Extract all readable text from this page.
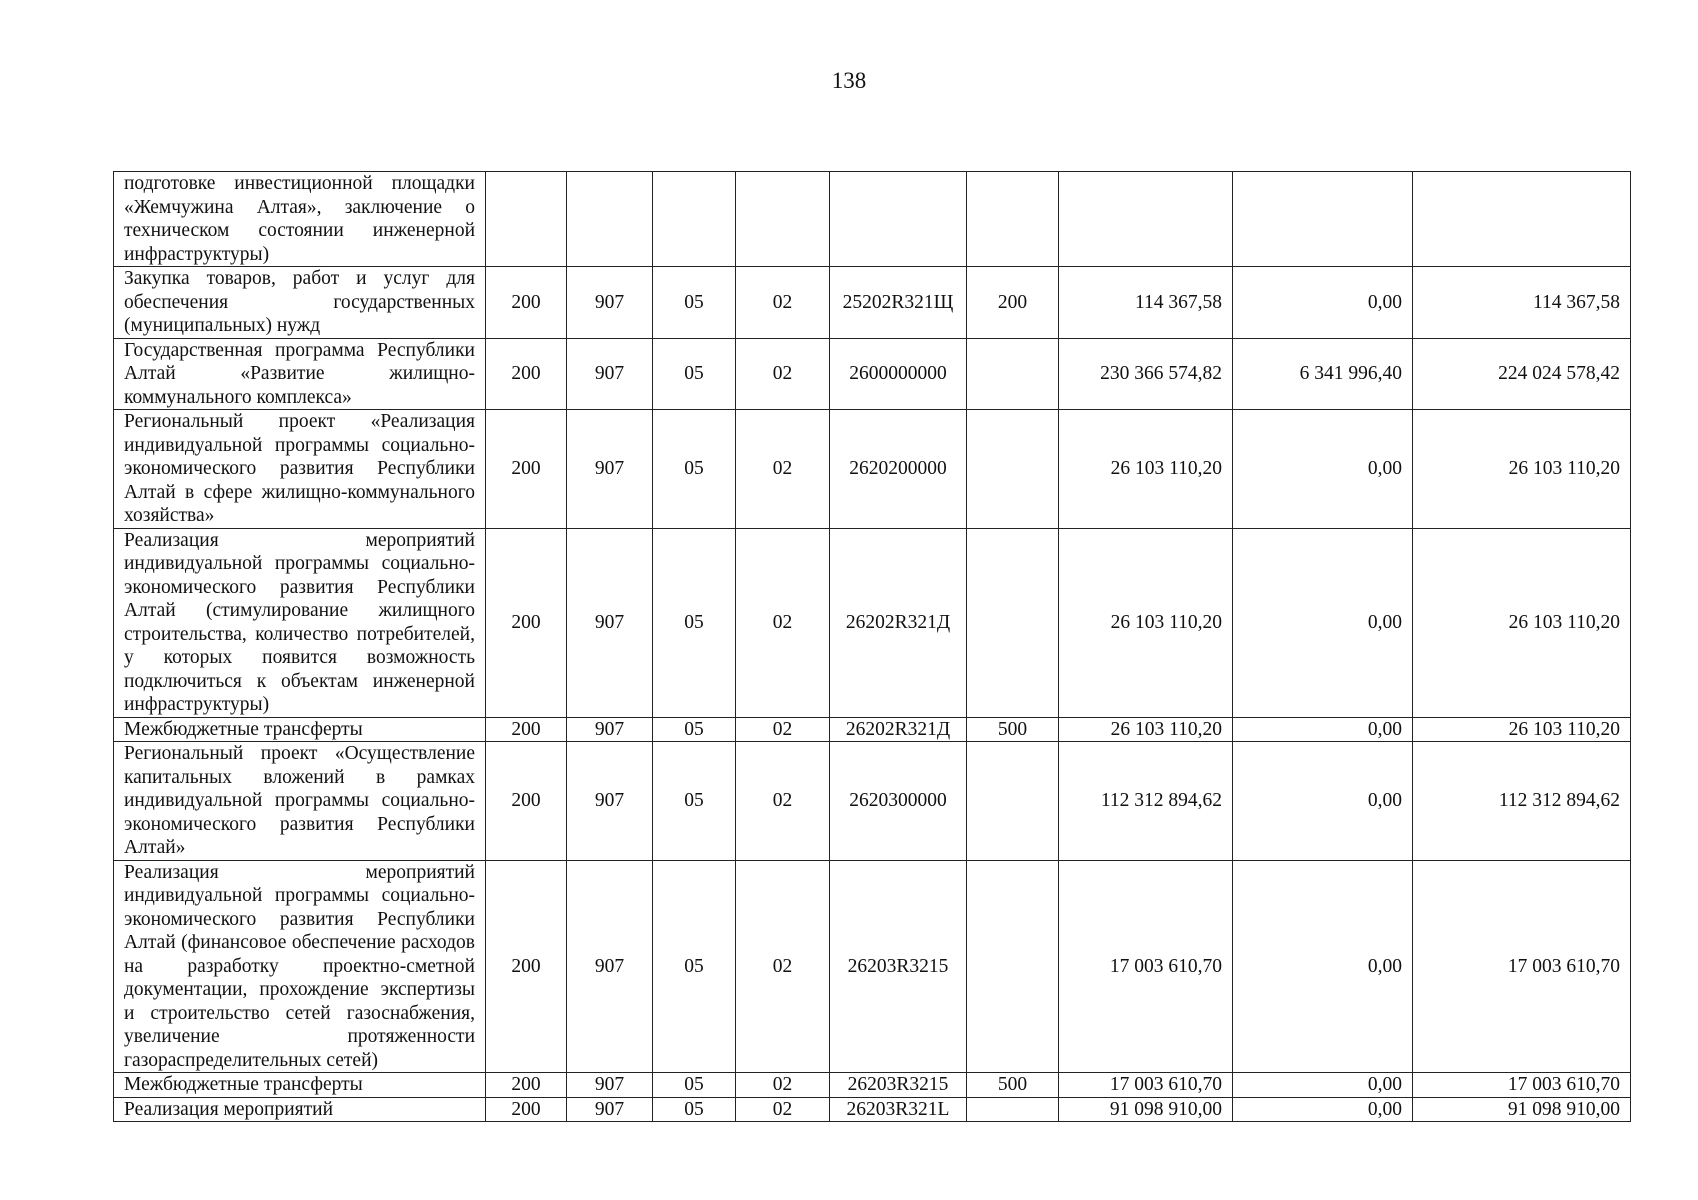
138
подготовке инвестиционной площадки «Жемчужина Алтая», заключение о техническом состоянии инженерной инфраструктуры)									
Закупка товаров, работ и услуг для обеспечения государственных (муниципальных) нужд	200	907	05	02	25202R321Щ	200	114 367,58	0,00	114 367,58
Государственная программа Республики Алтай «Развитие жилищно-коммунального комплекса»	200	907	05	02	2600000000		230 366 574,82	6 341 996,40	224 024 578,42
Региональный проект «Реализация индивидуальной программы социально-экономического развития Республики Алтай в сфере жилищно-коммунального хозяйства»	200	907	05	02	2620200000		26 103 110,20	0,00	26 103 110,20
Реализация мероприятий индивидуальной программы социально-экономического развития Республики Алтай (стимулирование жилищного строительства, количество потребителей, у которых появится возможность подключиться к объектам инженерной инфраструктуры)	200	907	05	02	26202R321Д		26 103 110,20	0,00	26 103 110,20
Межбюджетные трансферты	200	907	05	02	26202R321Д	500	26 103 110,20	0,00	26 103 110,20
Региональный проект «Осуществление капитальных вложений в рамках индивидуальной программы социально-экономического развития Республики Алтай»	200	907	05	02	2620300000		112 312 894,62	0,00	112 312 894,62
Реализация мероприятий индивидуальной программы социально-экономического развития Республики Алтай (финансовое обеспечение расходов на разработку проектно-сметной документации, прохождение экспертизы и строительство сетей газоснабжения, увеличение протяженности газораспределительных сетей)	200	907	05	02	26203R3215		17 003 610,70	0,00	17 003 610,70
Межбюджетные трансферты	200	907	05	02	26203R3215	500	17 003 610,70	0,00	17 003 610,70
Реализация мероприятий	200	907	05	02	26203R321L		91 098 910,00	0,00	91 098 910,00
